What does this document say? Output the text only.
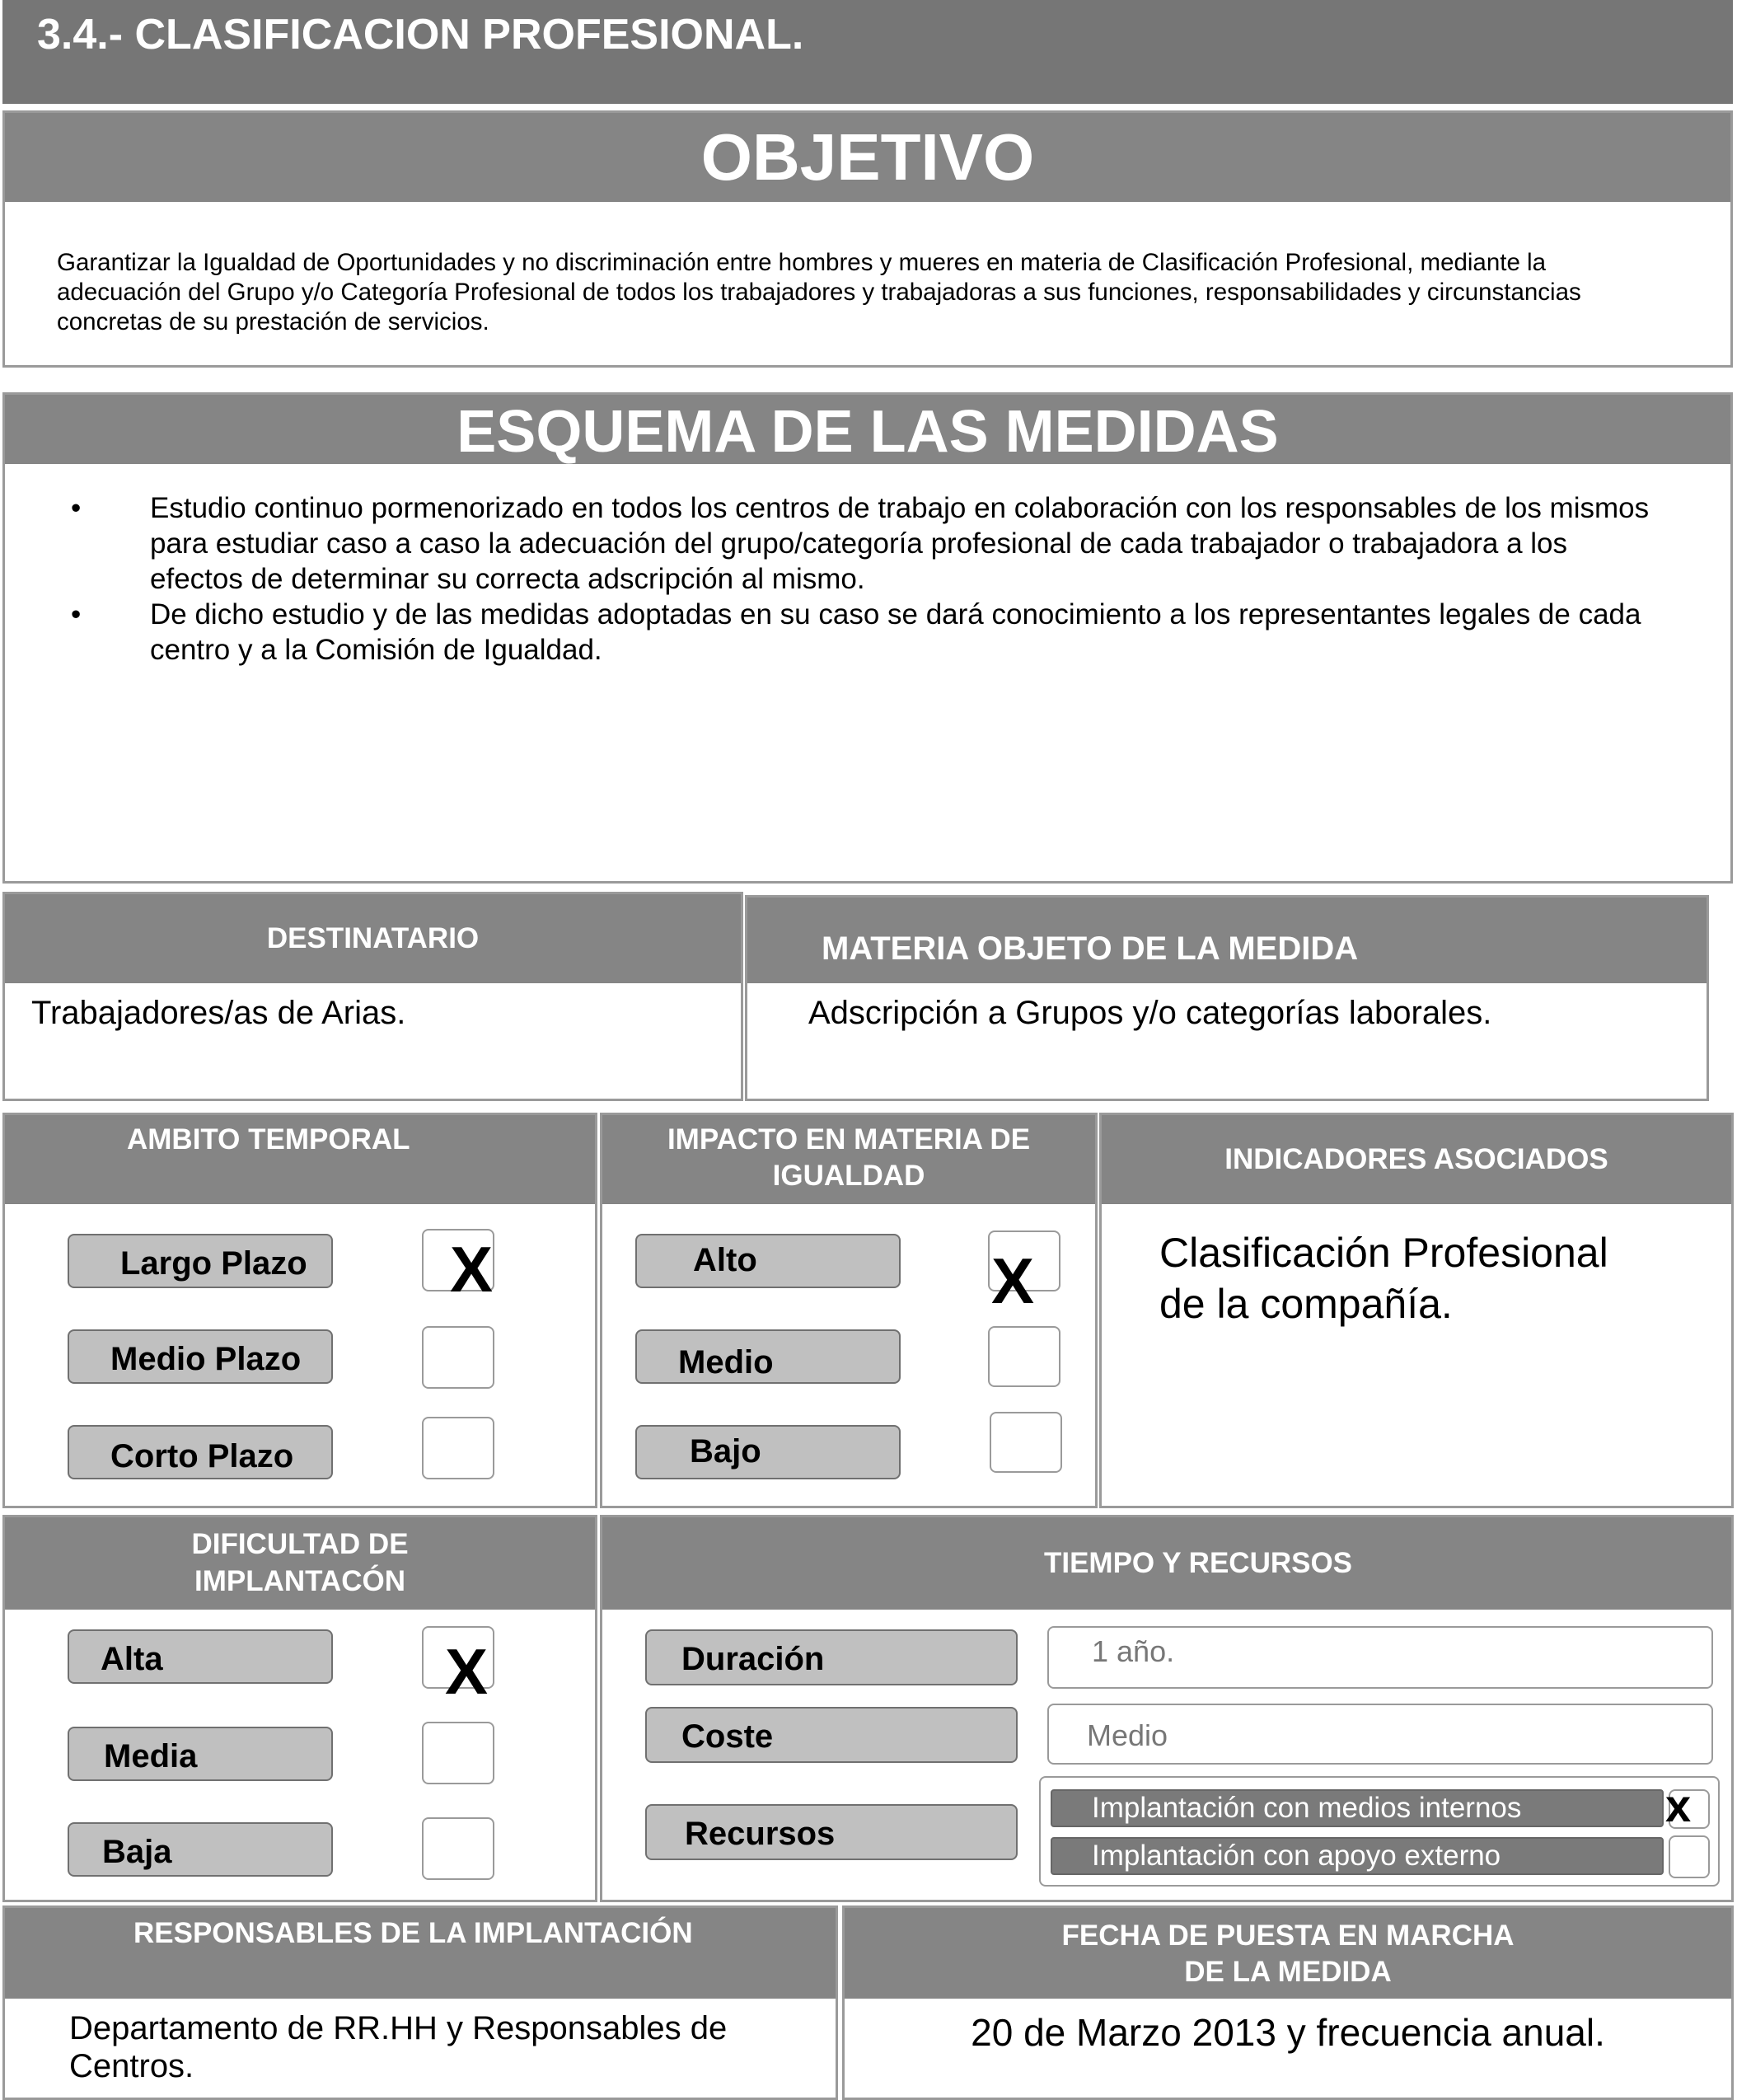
3.4.- CLASIFICACION PROFESIONAL.
OBJETIVO
Garantizar la Igualdad de Oportunidades y no discriminación entre hombres y mueres en materia de Clasificación Profesional, mediante la adecuación del Grupo y/o Categoría Profesional de todos los trabajadores y trabajadoras a sus funciones, responsabilidades y circunstancias concretas de su prestación de servicios.
ESQUEMA DE LAS MEDIDAS
• Estudio continuo pormenorizado en todos los centros de trabajo en colaboración con los responsables de los mismos para estudiar caso a caso la adecuación del grupo/categoría profesional de cada trabajador o trabajadora a los efectos de determinar su correcta adscripción al mismo.
• De dicho estudio y de las medidas adoptadas en su caso se dará conocimiento a los representantes legales de cada centro y a la Comisión de Igualdad.
DESTINATARIO
Trabajadores/as de Arias.
MATERIA OBJETO DE LA MEDIDA
Adscripción a Grupos y/o categorías laborales.
AMBITO TEMPORAL
Largo Plazo X
Medio Plazo
Corto Plazo
IMPACTO EN MATERIA DE
IGUALDAD
Alto	X
Medio
Bajo
INDICADORES ASOCIADOS
Clasificación Profesional
de la compañía.
DIFICULTAD DE
IMPLANTACÓN
Alta	X
Media
Baja
TIEMPO Y RECURSOS
Duración	1 año.
Coste	Medio
Recursos
Implantación con medios internos	x
Implantación con apoyo externo
RESPONSABLES DE LA IMPLANTACIÓN
Departamento de RR.HH y Responsables de
Centros.
FECHA DE PUESTA EN MARCHA
DE LA MEDIDA
20 de Marzo 2013 y frecuencia anual.
